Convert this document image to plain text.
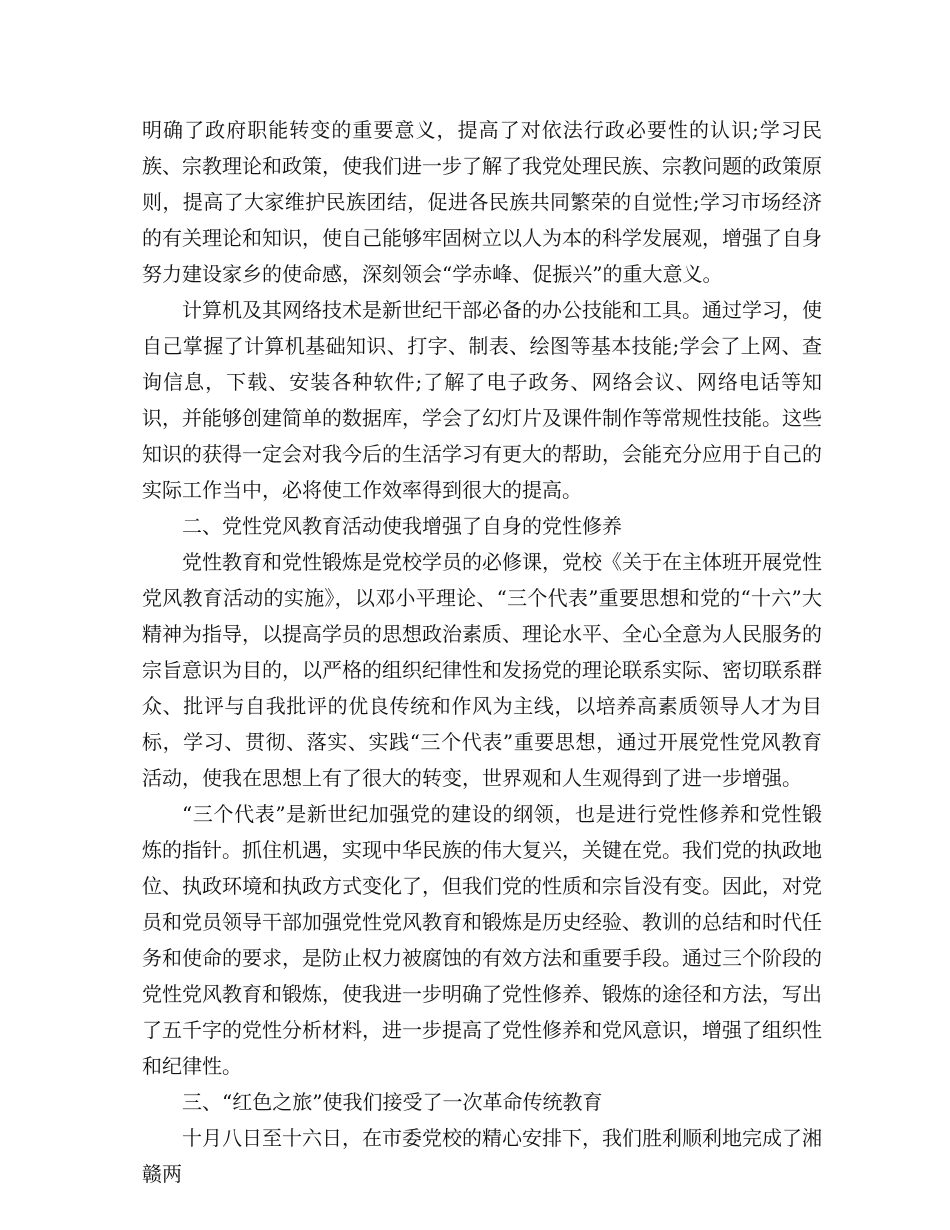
明确了政府职能转变的重要意义，提高了对依法行政必要性的认识;学习民族、宗教理论和政策，使我们进一步了解了我党处理民族、宗教问题的政策原则，提高了大家维护民族团结，促进各民族共同繁荣的自觉性;学习市场经济的有关理论和知识，使自己能够牢固树立以人为本的科学发展观，增强了自身努力建设家乡的使命感，深刻领会“学赤峰、促振兴”的重大意义。

计算机及其网络技术是新世纪干部必备的办公技能和工具。通过学习，使自己掌握了计算机基础知识、打字、制表、绘图等基本技能;学会了上网、查询信息，下载、安装各种软件;了解了电子政务、网络会议、网络电话等知识，并能够创建简单的数据库，学会了幻灯片及课件制作等常规性技能。这些知识的获得一定会对我今后的生活学习有更大的帮助，会能充分应用于自己的实际工作当中，必将使工作效率得到很大的提高。

二、党性党风教育活动使我增强了自身的党性修养

党性教育和党性锻炼是党校学员的必修课，党校《关于在主体班开展党性党风教育活动的实施》，以邓小平理论、“三个代表”重要思想和党的“十六”大精神为指导，以提高学员的思想政治素质、理论水平、全心全意为人民服务的宗旨意识为目的，以严格的组织纪律性和发扬党的理论联系实际、密切联系群众、批评与自我批评的优良传统和作风为主线，以培养高素质领导人才为目标，学习、贯彻、落实、实践“三个代表”重要思想，通过开展党性党风教育活动，使我在思想上有了很大的转变，世界观和人生观得到了进一步增强。

“三个代表”是新世纪加强党的建设的纲领，也是进行党性修养和党性锻炼的指针。抓住机遇，实现中华民族的伟大复兴，关键在党。我们党的执政地位、执政环境和执政方式变化了，但我们党的性质和宗旨没有变。因此，对党员和党员领导干部加强党性党风教育和锻炼是历史经验、教训的总结和时代任务和使命的要求，是防止权力被腐蚀的有效方法和重要手段。通过三个阶段的党性党风教育和锻炼，使我进一步明确了党性修养、锻炼的途径和方法，写出了五千字的党性分析材料，进一步提高了党性修养和党风意识，增强了组织性和纪律性。

三、“红色之旅”使我们接受了一次革命传统教育

十月八日至十六日，在市委党校的精心安排下，我们胜利顺利地完成了湘赣两
